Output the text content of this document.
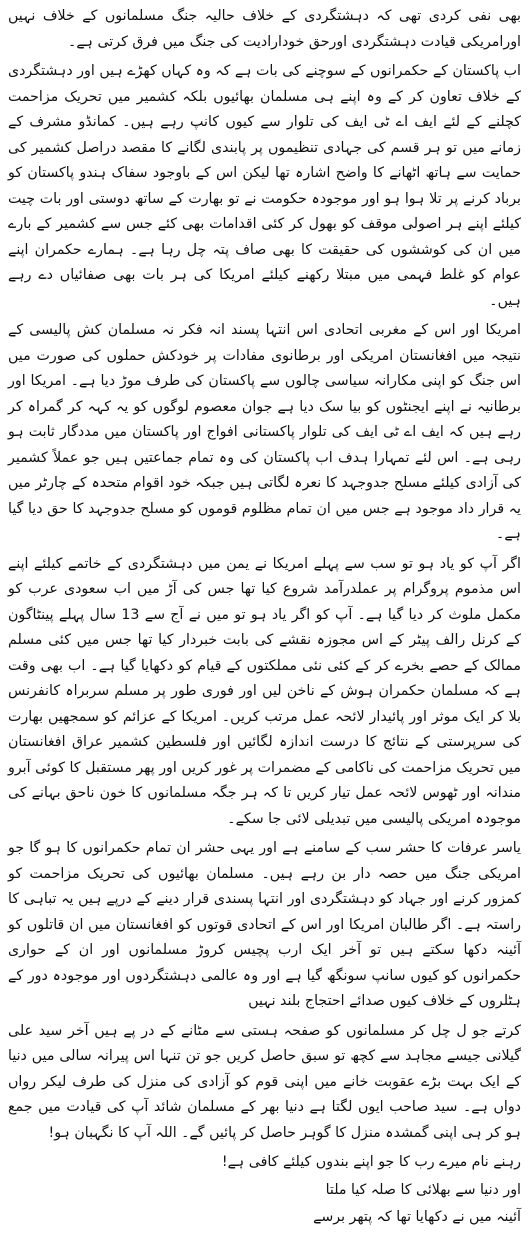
بھی نفی کردی تھی کہ دہشتگردی کے خلاف حالیہ جنگ مسلمانوں کے خلاف نہیں اورامریکی قیادت دہشتگردی اورحق خودارادیت کی جنگ میں فرق کرتی ہے۔

اب پاکستان کے حکمرانوں کے سوچنے کی بات ہے کہ وہ کہاں کھڑے ہیں اور دہشتگردی کے خلاف تعاون کر کے وہ اپنے ہی مسلمان بھائیوں بلکہ کشمیر میں تحریک مزاحمت کچلنے کے لئے ایف اے ٹی ایف کی تلوار سے کیوں کانپ رہے ہیں۔ کمانڈو مشرف کے زمانے میں تو ہر قسم کی جہادی تنظیموں پر پابندی لگانے کا مقصد دراصل کشمیر کی حمایت سے ہاتھ اٹھانے کا واضح اشارہ تھا لیکن اس کے باوجود سفاک ہندو پاکستان کو برباد کرنے پر تلا ہوا ہو اور موجودہ حکومت نے تو بھارت کے ساتھ دوستی اور بات چیت کیلئے اپنے ہر اصولی موقف کو بھول کر کئی اقدامات بھی کئے جس سے کشمیر کے بارے میں ان کی کوششوں کی حقیقت کا بھی صاف پتہ چل رہا ہے۔ ہمارے حکمران اپنے عوام کو غلط فہمی میں مبتلا رکھنے کیلئے امریکا کی ہر بات بھی صفائیاں دے رہے ہیں۔

امریکا اور اس کے مغربی اتحادی اس انتہا پسند انہ فکر نہ مسلمان کش پالیسی کے نتیجہ میں افغانستان امریکی اور برطانوی مفادات پر خودکش حملوں کی صورت میں اس جنگ کو اپنی مکارانہ سیاسی چالوں سے پاکستان کی طرف موڑ دیا ہے۔ امریکا اور برطانیہ نے اپنے ایجنٹوں کو بیا سک دیا ہے جوان معصوم لوگوں کو یہ کہہ کر گمراہ کر رہے ہیں کہ ایف اے ٹی ایف کی تلوار پاکستانی افواج اور پاکستان میں مددگار ثابت ہو رہی ہے۔ اس لئے تمہارا ہدف اب پاکستان کی وہ تمام جماعتیں ہیں جو عملاً کشمیر کی آزادی کیلئے مسلح جدوجہد کا نعرہ لگاتی ہیں جبکہ خود اقوام متحدہ کے چارٹر میں یہ قرار داد موجود ہے جس میں ان تمام مظلوم قوموں کو مسلح جدوجہد کا حق دیا گیا ہے۔

اگر آپ کو یاد ہو تو سب سے پہلے امریکا نے یمن میں دہشتگردی کے خاتمے کیلئے اپنے اس مذموم پروگرام پر عملدرآمد شروع کیا تھا جس کی آڑ میں اب سعودی عرب کو مکمل ملوث کر دیا گیا ہے۔ آپ کو اگر یاد ہو تو میں نے آج سے 13 سال پہلے پینٹاگون کے کرنل رالف پیٹر کے اس مجوزہ نقشے کی بابت خبردار کیا تھا جس میں کئی مسلم ممالک کے حصے بخرے کر کے کئی نئی مملکتوں کے قیام کو دکھایا گیا ہے۔ اب بھی وقت ہے کہ مسلمان حکمران ہوش کے ناخن لیں اور فوری طور پر مسلم سربراہ کانفرنس بلا کر ایک موثر اور پائیدار لائحہ عمل مرتب کریں۔ امریکا کے عزائم کو سمجھیں بھارت کی سرپرستی کے نتائج کا درست اندازہ لگائیں اور فلسطین کشمیر عراق افغانستان میں تحریک مزاحمت کی ناکامی کے مضمرات پر غور کریں اور پھر مستقبل کا کوئی آبرو مندانہ اور ٹھوس لائحہ عمل تیار کریں تا کہ ہر جگہ مسلمانوں کا خون ناحق بہانے کی موجودہ امریکی پالیسی میں تبدیلی لائی جا سکے۔

یاسر عرفات کا حشر سب کے سامنے ہے اور یہی حشر ان تمام حکمرانوں کا ہو گا جو امریکی جنگ میں حصہ دار بن رہے ہیں۔ مسلمان بھائیوں کی تحریک مزاحمت کو کمزور کرنے اور جہاد کو دہشتگردی اور انتہا پسندی قرار دینے کے درپے ہیں یہ تباہی کا راستہ ہے۔ اگر طالبان امریکا اور اس کے اتحادی قوتوں کو افغانستان میں ان قاتلوں کو آئینہ دکھا سکتے ہیں تو آخر ایک ارب پچیس کروڑ مسلمانوں اور ان کے حواری حکمرانوں کو کیوں سانپ سونگھ گیا ہے اور وہ عالمی دہشتگردوں اور موجودہ دور کے ہٹلروں کے خلاف کیوں صدائے احتجاج بلند نہیں

کرتے جو ل چل کر مسلمانوں کو صفحہ ہستی سے مٹانے کے در پے ہیں آخر سید علی گیلانی جیسے مجاہد سے کچھ تو سبق حاصل کریں جو تن تنہا اس پیرانہ سالی میں دنیا کے ایک بہت بڑے عقوبت خانے میں اپنی قوم کو آزادی کی منزل کی طرف لیکر رواں دواں ہے۔ سید صاحب ایوں لگتا ہے دنیا بھر کے مسلمان شائد آپ کی قیادت میں جمع ہو کر ہی اپنی گمشدہ منزل کا گوہر حاصل کر پائیں گے۔ اللہ آپ کا نگہبان ہو!

رہنے نام میرے رب کا جو اپنے بندوں کیلئے کافی ہے!
اور دنیا سے بھلائی کا صلہ کیا ملتا
آئینہ میں نے دکھایا تھا کہ پتھر برسے
